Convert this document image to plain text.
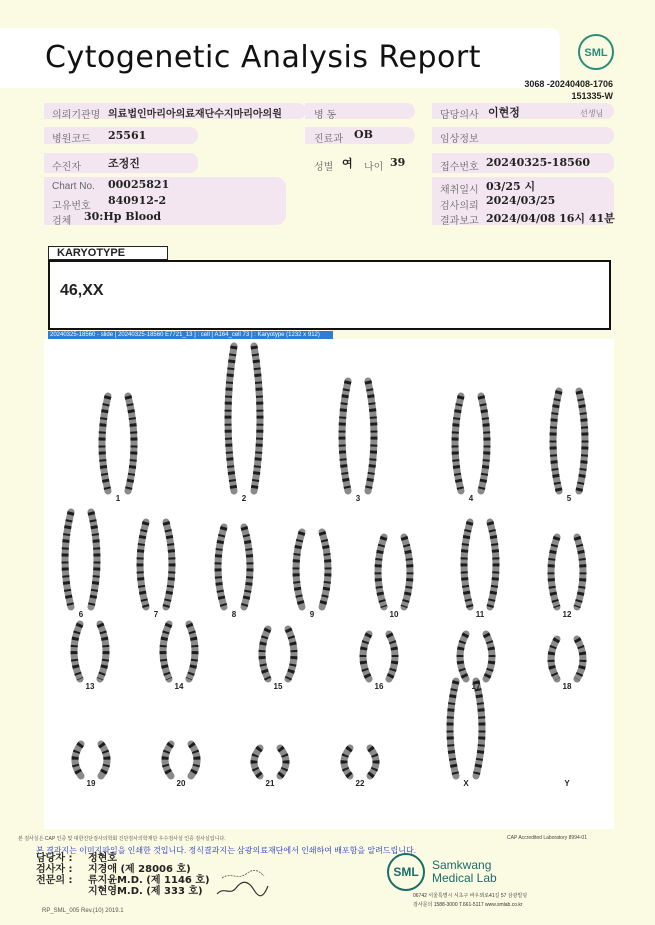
Cytogenetic Analysis Report	SML
3068 -20240408-1706
151335-W
의뢰기관명 의료법인마리아의료재단수지마리아의원	병 동	담당의사 이현정	선생님
병원코드 25561	진료과 OB	임상정보
수진자 조정진	성별 여 나이 39	접수번호 20240325-18560
Chart No. 00025821
고유번호 840912-2
검체 30:Hp Blood
채취일시 03/25 시
검사의뢰 2024/03/25
결과보고 2024/04/08 16시 41분
KARYOTYPE
46,XX
20240325-18560 - slide [ 20240325-18560 E7721_13 ] : cell [ A164_cell 73 ] : Karyotype (1232 x 912)
1	2	3	4	5
6	7	8	9	10	11	12
13	14	15	16	17	18
19	20	21	22	X	Y
본 검사실은 CAP 인증 및 대한진단검사의학회 진단검사의학재단 우수검사실 인증 검사실입니다.	CAP Accredited Laboratory 8994-01
본 결과지는 이미지파일을 인쇄한 것입니다. 정식결과지는 삼광의료재단에서 인쇄하여 배포함을 알려드립니다.
담당자 : 정현호
검사자 : 지경애 (제 28006 호)
전문의 : 류지윤M.D. (제 1146 호)
지현영M.D. (제 333 호)
RP_SML_005 Rev.(10) 2019.1
SML Samkwang
Medical Lab
06742 서울특별시 서초구 바우뫼로41길 57 삼광빌딩
검사문의 1588-3000 T.661-5117 www.smlab.co.kr
